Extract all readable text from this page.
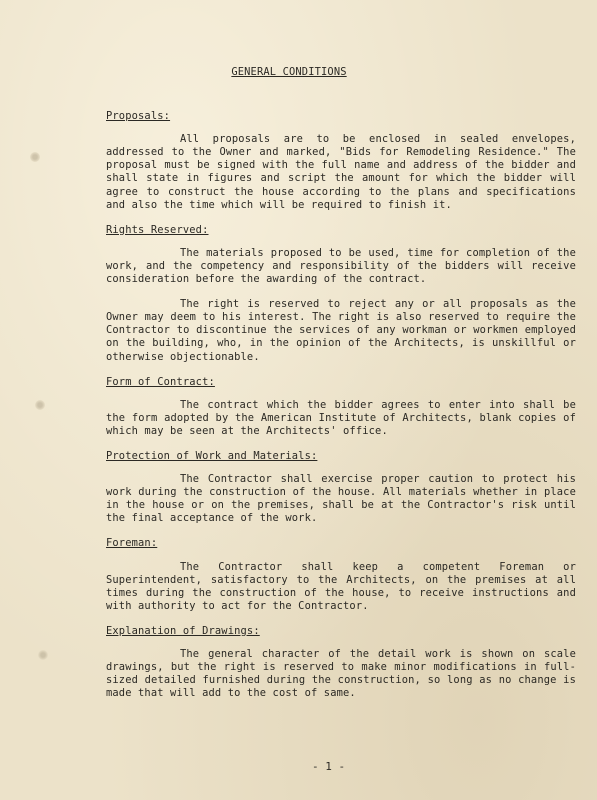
GENERAL CONDITIONS
Proposals:

All proposals are to be enclosed in sealed envelopes, addressed to the Owner and marked, "Bids for Remodeling Residence." The proposal must be signed with the full name and address of the bidder and shall state in figures and script the amount for which the bidder will agree to construct the house according to the plans and specifications and also the time which will be required to finish it.

Rights Reserved:

The materials proposed to be used, time for completion of the work, and the competency and responsibility of the bidders will receive consideration before the awarding of the contract.

The right is reserved to reject any or all proposals as the Owner may deem to his interest. The right is also reserved to require the Contractor to discontinue the services of any workman or workmen employed on the building, who, in the opinion of the Architects, is unskillful or otherwise objectionable.

Form of Contract:

The contract which the bidder agrees to enter into shall be the form adopted by the American Institute of Architects, blank copies of which may be seen at the Architects' office.

Protection of Work and Materials:

The Contractor shall exercise proper caution to protect his work during the construction of the house. All materials whether in place in the house or on the premises, shall be at the Contractor's risk until the final acceptance of the work.

Foreman:

The Contractor shall keep a competent Foreman or Superintendent, satisfactory to the Architects, on the premises at all times during the construction of the house, to receive instructions and with authority to act for the Contractor.

Explanation of Drawings:

The general character of the detail work is shown on scale drawings, but the right is reserved to make minor modifications in full-sized detailed furnished during the construction, so long as no change is made that will add to the cost of same.

- 1 -
